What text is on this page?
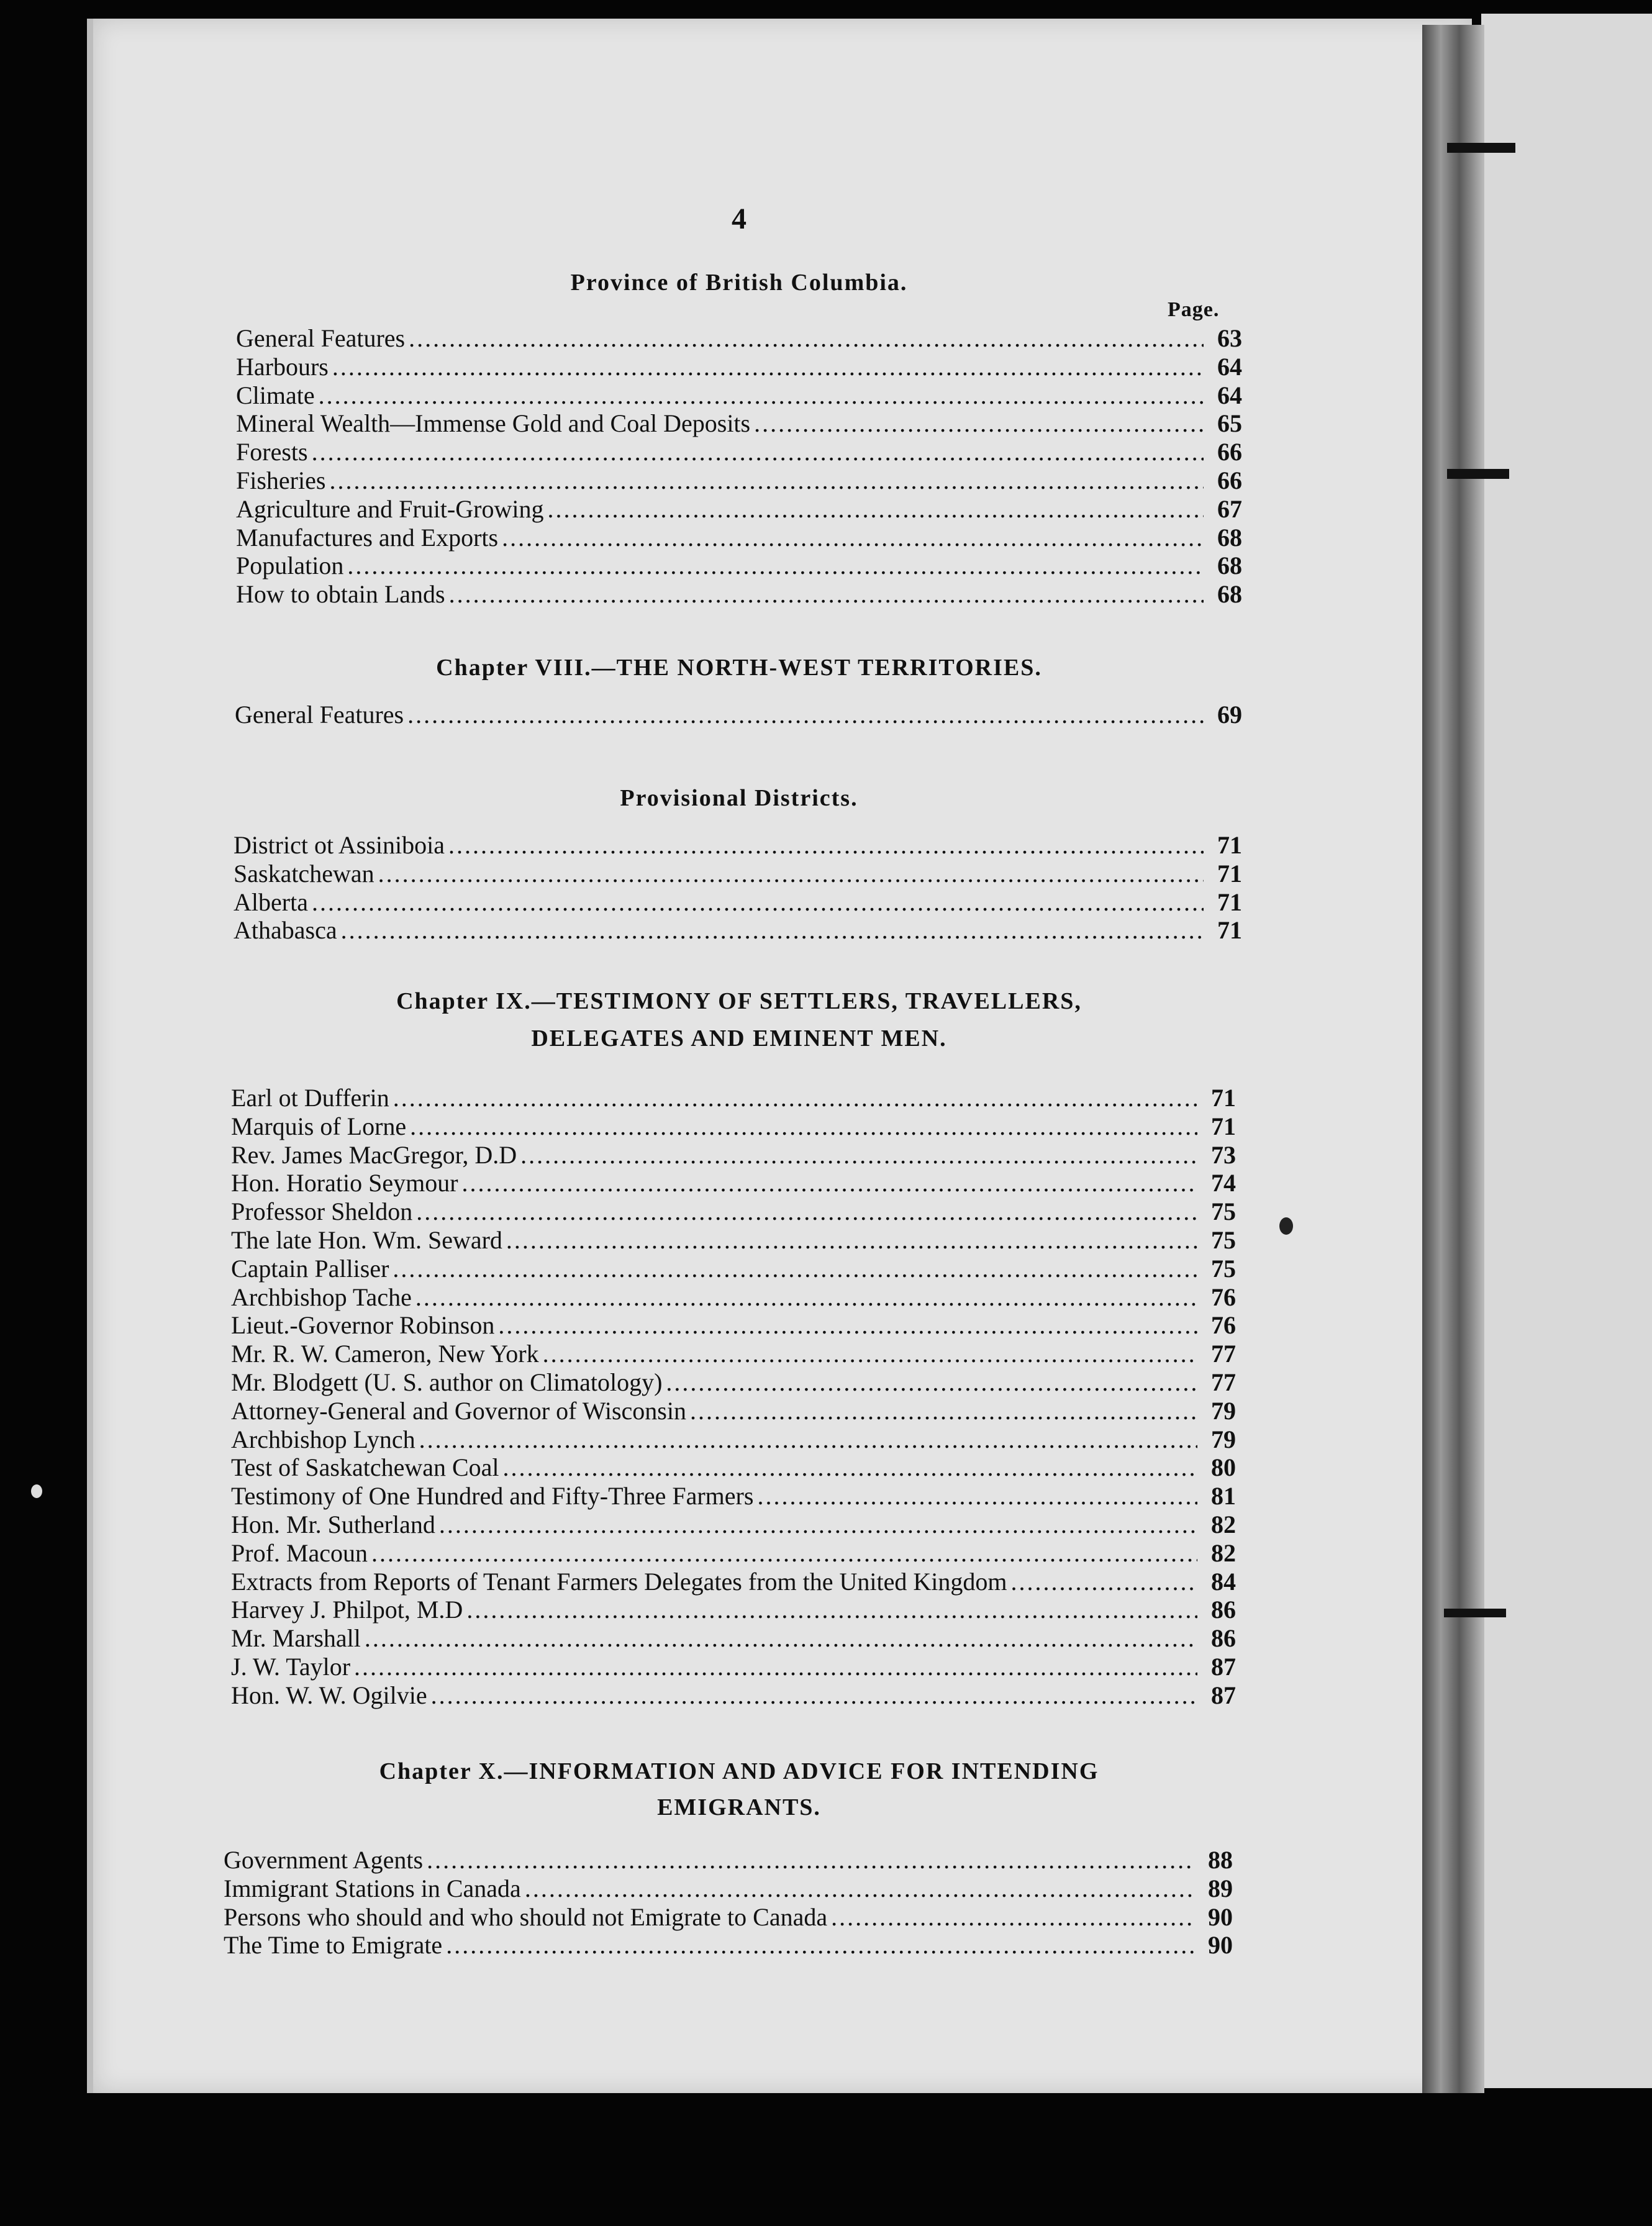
4
Province of British Columbia.
Page.
General Features .....	63
Harbours .....	64
Climate .....	64
Mineral Wealth—Immense Gold and Coal Deposits .....	65
Forests .....	66
Fisheries .....	66
Agriculture and Fruit-Growing .....	67
Manufactures and Exports .....	68
Population .....	68
How to obtain Lands .....	68
Chapter VIII.—THE NORTH-WEST TERRITORIES.
General Features .....	69
Provisional Districts.
District ot Assiniboia .....	71
Saskatchewan .....	71
Alberta .....	71
Athabasca .....	71
Chapter IX.—TESTIMONY OF SETTLERS, TRAVELLERS,
DELEGATES AND EMINENT MEN.
Earl ot Dufferin .....	71
Marquis of Lorne .....	71
Rev. James MacGregor, D.D .....	73
Hon. Horatio Seymour .....	74
Professor Sheldon .....	75
The late Hon. Wm. Seward .....	75
Captain Palliser .....	75
Archbishop Tache .....	76
Lieut.-Governor Robinson .....	76
Mr. R. W. Cameron, New York .....	77
Mr. Blodgett (U. S. author on Climatology) .....	77
Attorney-General and Governor of Wisconsin .....	79
Archbishop Lynch .....	79
Test of Saskatchewan Coal .....	80
Testimony of One Hundred and Fifty-Three Farmers .....	81
Hon. Mr. Sutherland .....	82
Prof. Macoun .....	82
Extracts from Reports of Tenant Farmers Delegates from the United Kingdom .....	84
Harvey J. Philpot, M.D .....	86
Mr. Marshall .....	86
J. W. Taylor .....	87
Hon. W. W. Ogilvie .....	87
Chapter X.—INFORMATION AND ADVICE FOR INTENDING
EMIGRANTS.
Government Agents .....	88
Immigrant Stations in Canada .....	89
Persons who should and who should not Emigrate to Canada .....	90
The Time to Emigrate .....	90
